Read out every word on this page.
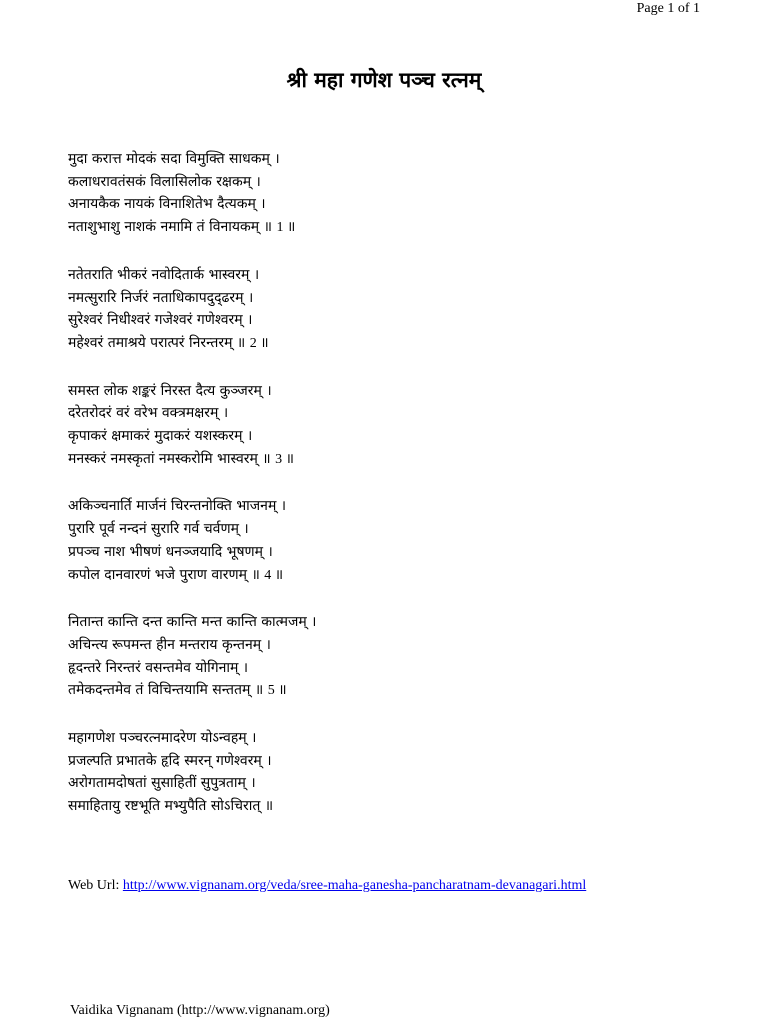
Page 1 of 1
श्री महा गणेश पञ्च रत्नम्
मुदा करात्त मोदकं सदा विमुक्ति साधकम् ।
कलाधरावतंसकं विलासिलोक रक्षकम् ।
अनायकैक नायकं विनाशितेभ दैत्यकम् ।
नताशुभाशु नाशकं नमामि तं विनायकम् ॥ 1 ॥
नतेतराति भीकरं नवोदितार्क भास्वरम् ।
नमत्सुरारि निर्जरं नताधिकापदुद्ढरम् ।
सुरेश्वरं निधीश्वरं गजेश्वरं गणेश्वरम् ।
महेश्वरं तमाश्रये परात्परं निरन्तरम् ॥ 2 ॥
समस्त लोक शङ्करं निरस्त दैत्य कुञ्जरम् ।
दरेतरोदरं वरं वरेभ वक्त्रमक्षरम् ।
कृपाकरं क्षमाकरं मुदाकरं यशस्करम् ।
मनस्करं नमस्कृतां नमस्करोमि भास्वरम् ॥ 3 ॥
अकिञ्चनार्ति मार्जनं चिरन्तनोक्ति भाजनम् ।
पुरारि पूर्व नन्दनं सुरारि गर्व चर्वणम् ।
प्रपञ्च नाश भीषणं धनञ्जयादि भूषणम् ।
कपोल दानवारणं भजे पुराण वारणम् ॥ 4 ॥
नितान्त कान्ति दन्त कान्ति मन्त कान्ति कात्मजम् ।
अचिन्त्य रूपमन्त हीन मन्तराय कृन्तनम् ।
हृदन्तरे निरन्तरं वसन्तमेव योगिनाम् ।
तमेकदन्तमेव तं विचिन्तयामि सन्ततम् ॥ 5 ॥
महागणेश पञ्चरत्नमादरेण योऽन्वहम् ।
प्रजल्पति प्रभातके हृदि स्मरन् गणेश्वरम् ।
अरोगतामदोषतां सुसाहितीं सुपुत्रताम् ।
समाहितायु रष्टभूति मभ्युपैति सोऽचिरात् ॥
Web Url: http://www.vignanam.org/veda/sree-maha-ganesha-pancharatnam-devanagari.html
Vaidika Vignanam (http://www.vignanam.org)
